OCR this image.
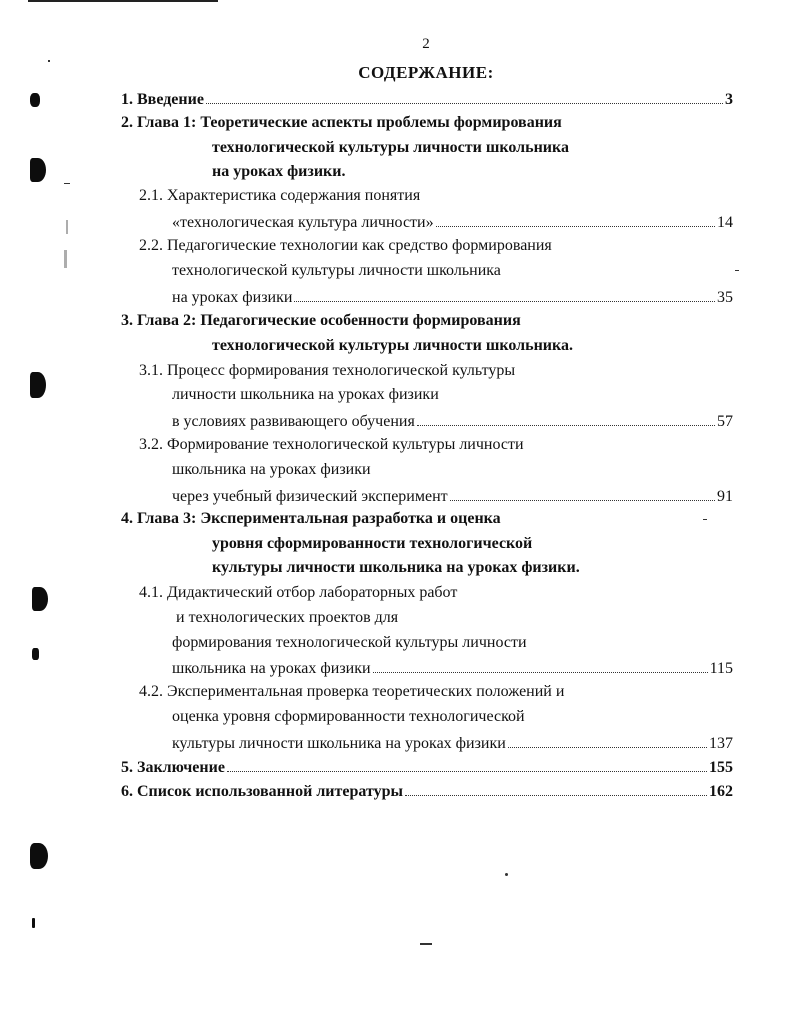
2
СОДЕРЖАНИЕ:
1. Введение	3
2. Глава 1: Теоретические аспекты проблемы формирования
технологической культуры личности школьника
на уроках физики.
2.1. Характеристика содержания понятия
«технологическая культура личности»	14
2.2. Педагогические технологии как средство формирования
технологической культуры личности школьника
на уроках физики	35
3. Глава 2: Педагогические особенности формирования
технологической культуры личности школьника.
3.1. Процесс формирования технологической культуры
личности школьника на уроках физики
в условиях развивающего обучения	57
3.2. Формирование технологической культуры личности
школьника на уроках физики
через учебный физический эксперимент	91
4. Глава 3: Экспериментальная разработка и оценка
уровня сформированности технологической
культуры личности школьника на уроках физики.
4.1. Дидактический отбор лабораторных работ
и технологических проектов для
формирования технологической культуры личности
школьника на уроках физики	115
4.2. Экспериментальная проверка теоретических положений и
оценка уровня сформированности технологической
культуры личности школьника на уроках физики	137
5. Заключение	155
6. Список использованной литературы	162
